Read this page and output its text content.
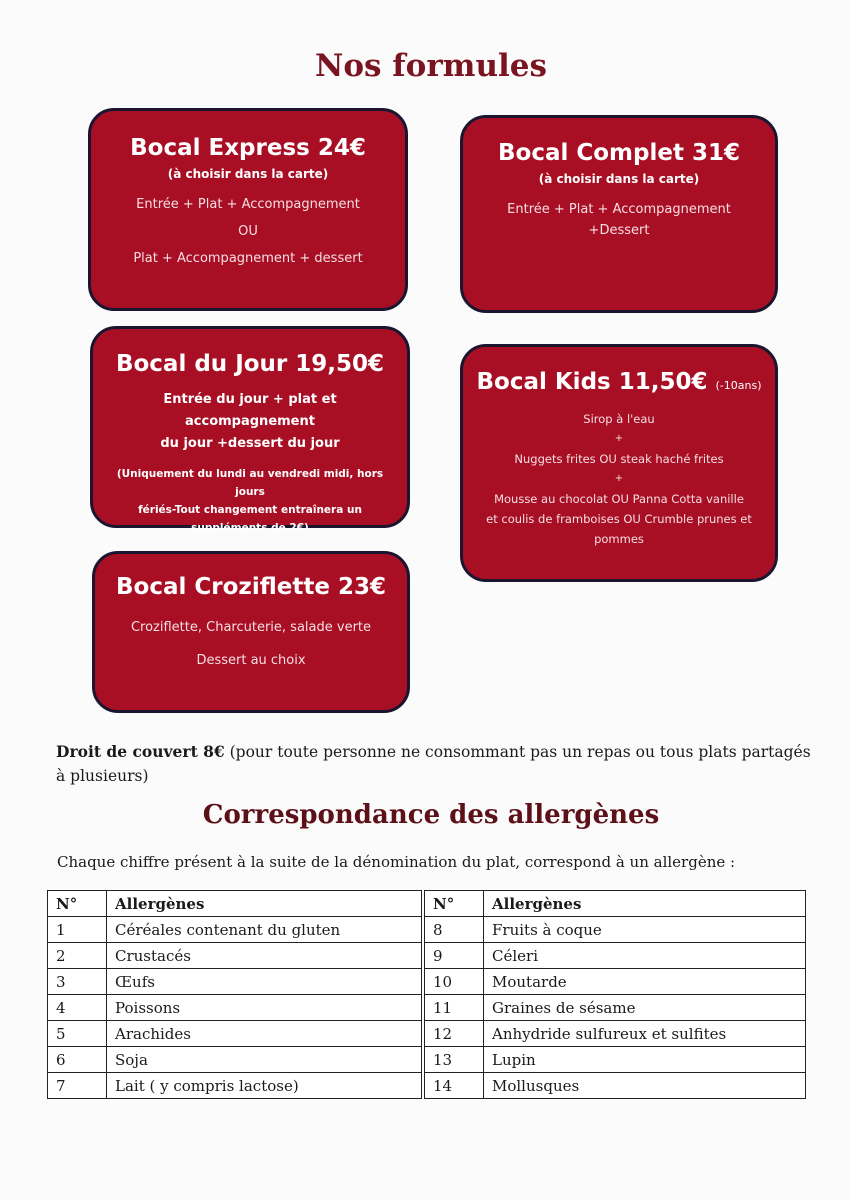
Nos formules
Bocal Express 24€
(à choisir dans la carte)
Entrée + Plat + Accompagnement
OU
Plat + Accompagnement + dessert
Bocal Complet 31€
(à choisir dans la carte)
Entrée + Plat + Accompagnement
+Dessert
Bocal du Jour 19,50€
Entrée du jour + plat et accompagnement
du jour +dessert du jour
(Uniquement du lundi au vendredi midi, hors jours
fériés-Tout changement entraînera un
suppléments de 2€)
Bocal Kids 11,50€ (-10ans)
Sirop à l'eau
+
Nuggets frites OU steak haché frites
+
Mousse au chocolat OU Panna Cotta vanille
et coulis de framboises OU Crumble prunes et
pommes
Bocal Croziflette 23€
Croziflette, Charcuterie, salade verte
Dessert au choix
Droit de couvert 8€ (pour toute personne ne consommant pas un repas ou tous plats partagés à plusieurs)
Correspondance des allergènes
Chaque chiffre présent à la suite de la dénomination du plat, correspond à un allergène :
N°	Allergènes
1	Céréales contenant du gluten
2	Crustacés
3	Œufs
4	Poissons
5	Arachides
6	Soja
7	Lait ( y compris lactose)
N°	Allergènes
8	Fruits à coque
9	Céleri
10	Moutarde
11	Graines de sésame
12	Anhydride sulfureux et sulfites
13	Lupin
14	Mollusques
